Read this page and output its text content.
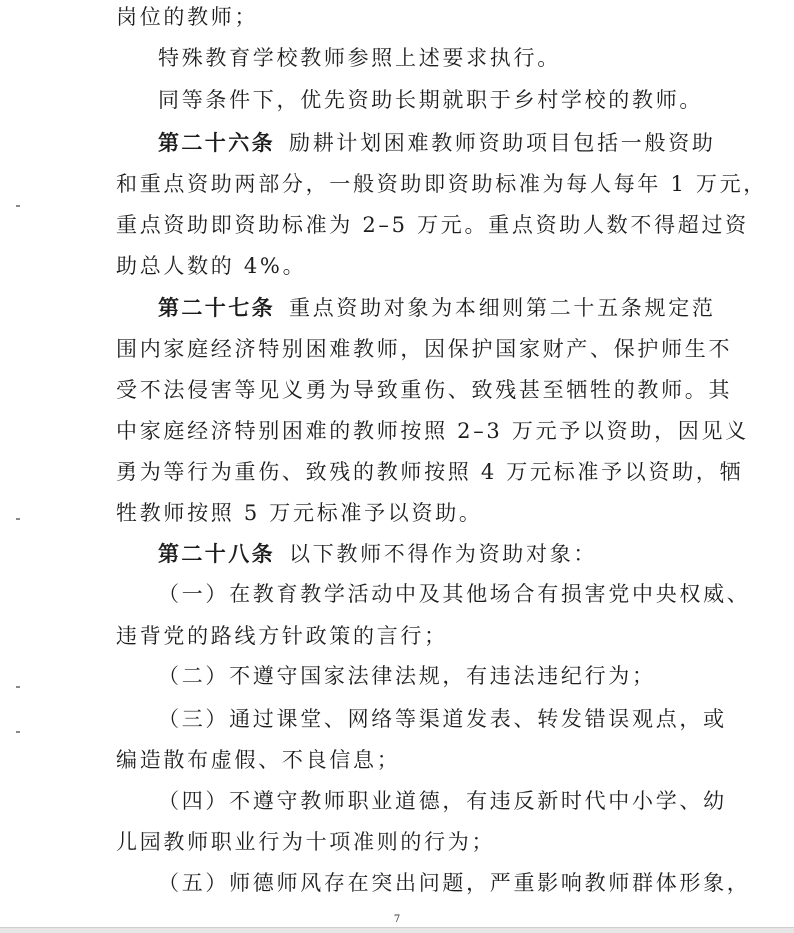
岗位的教师；
特殊教育学校教师参照上述要求执行。
同等条件下，优先资助长期就职于乡村学校的教师。
第二十六条 励耕计划困难教师资助项目包括一般资助
和重点资助两部分，一般资助即资助标准为每人每年 1 万元，
重点资助即资助标准为 2–5 万元。重点资助人数不得超过资
助总人数的 4%。
第二十七条 重点资助对象为本细则第二十五条规定范
围内家庭经济特别困难教师，因保护国家财产、保护师生不
受不法侵害等见义勇为导致重伤、致残甚至牺牲的教师。其
中家庭经济特别困难的教师按照 2–3 万元予以资助，因见义
勇为等行为重伤、致残的教师按照 4 万元标准予以资助，牺
牲教师按照 5 万元标准予以资助。
第二十八条 以下教师不得作为资助对象：
（一）在教育教学活动中及其他场合有损害党中央权威、
违背党的路线方针政策的言行；
（二）不遵守国家法律法规，有违法违纪行为；
（三）通过课堂、网络等渠道发表、转发错误观点，或
编造散布虚假、不良信息；
（四）不遵守教师职业道德，有违反新时代中小学、幼
儿园教师职业行为十项准则的行为；
（五）师德师风存在突出问题，严重影响教师群体形象，
7
